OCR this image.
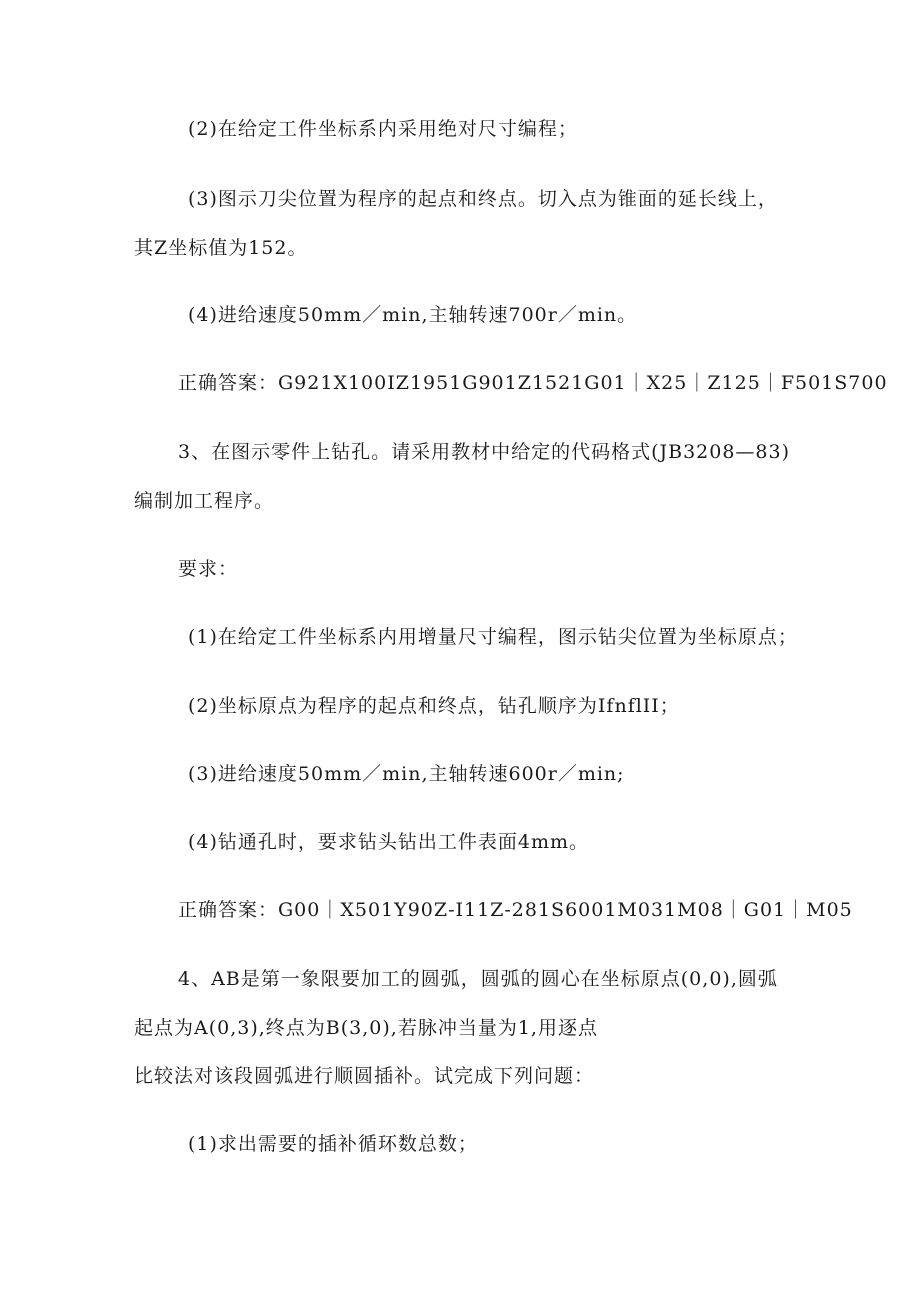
(2)在给定工件坐标系内采用绝对尺寸编程；
(3)图示刀尖位置为程序的起点和终点。切入点为锥面的延长线上，
其Z坐标值为152。
(4)进给速度50mm／min,主轴转速700r／min。
正确答案：G921X100IZ1951G901Z1521G01｜X25｜Z125｜F501S700
3、在图示零件上钻孔。请采用教材中给定的代码格式(JB3208—83)
编制加工程序。
要求：
(1)在给定工件坐标系内用增量尺寸编程，图示钻尖位置为坐标原点；
(2)坐标原点为程序的起点和终点，钻孔顺序为IfnflII；
(3)进给速度50mm／min,主轴转速600r／min;
(4)钻通孔时，要求钻头钻出工件表面4mm。
正确答案：G00｜X501Y90Z-I11Z-281S6001M031M08｜G01｜M05
4、AB是第一象限要加工的圆弧，圆弧的圆心在坐标原点(0,0),圆弧
起点为A(0,3),终点为B(3,0),若脉冲当量为1,用逐点
比较法对该段圆弧进行顺圆插补。试完成下列问题：
(1)求出需要的插补循环数总数；
